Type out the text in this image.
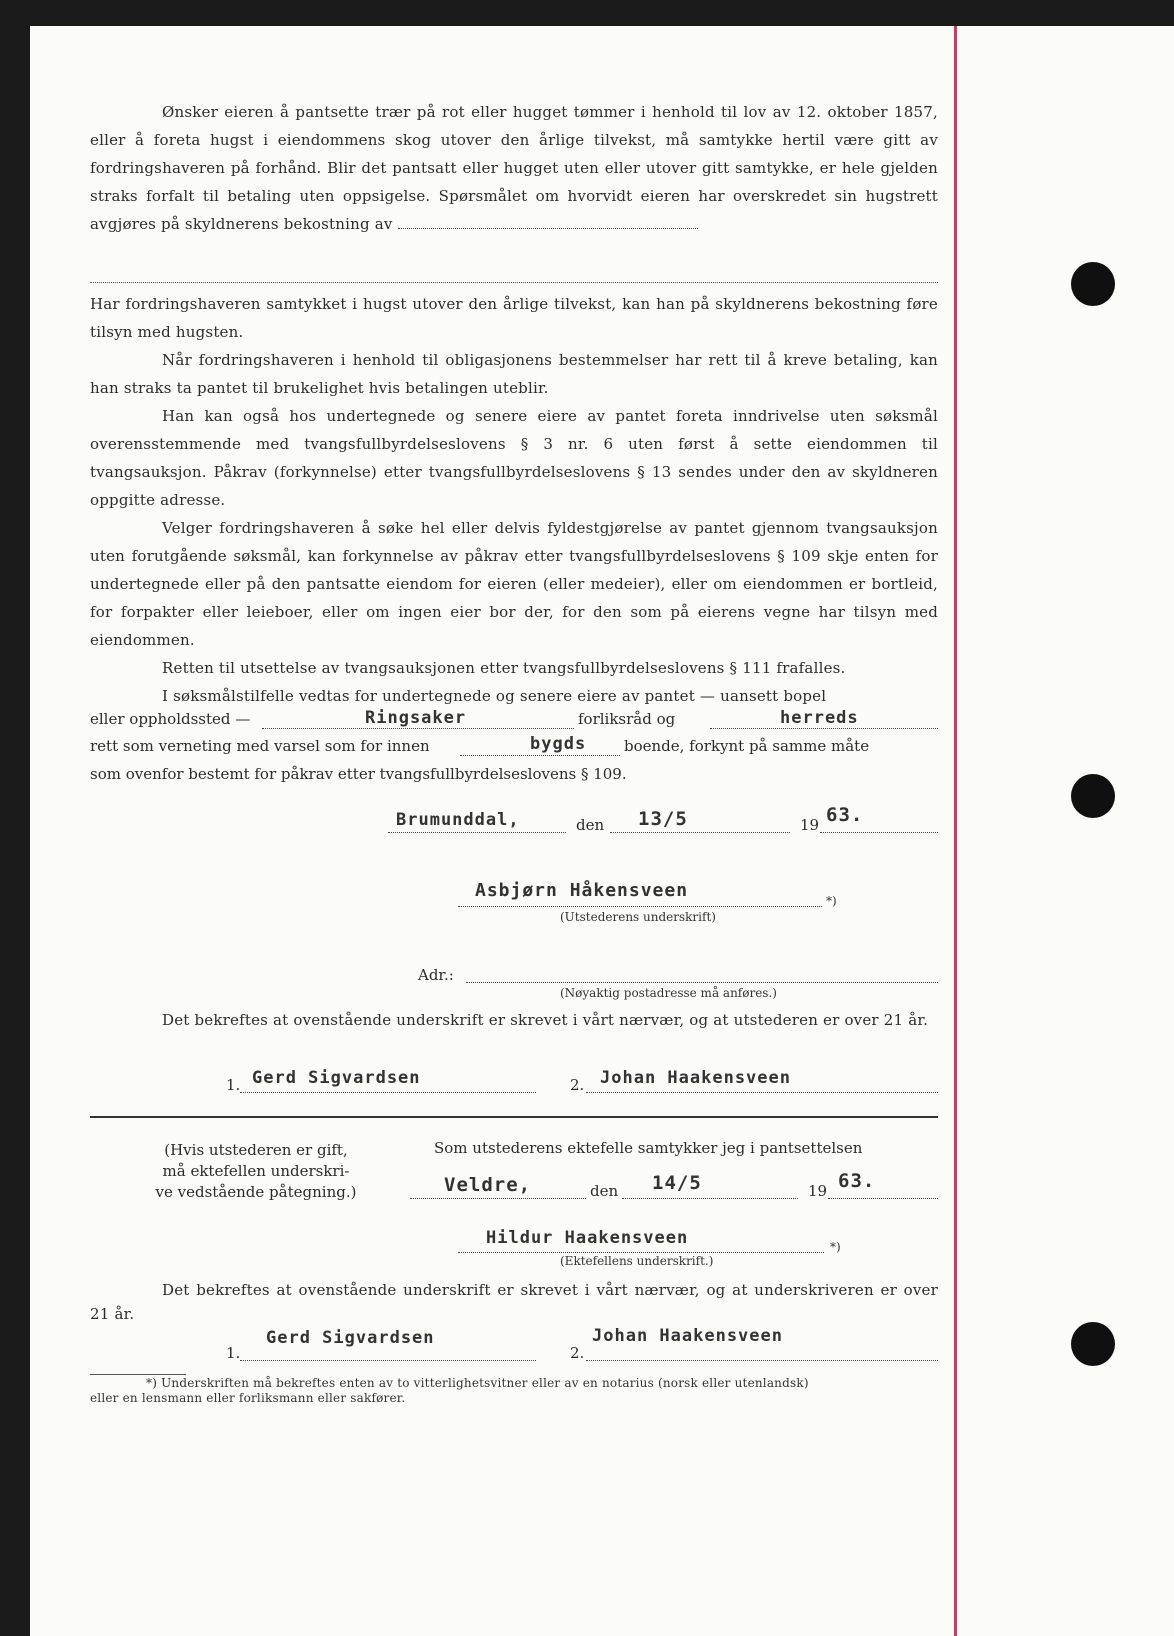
Ønsker eieren å pantsette trær på rot eller hugget tømmer i henhold til lov av 12. oktober 1857, eller å foreta hugst i eiendommens skog utover den årlige tilvekst, må samtykke hertil være gitt av fordringshaveren på forhånd. Blir det pantsatt eller hugget uten eller utover gitt samtykke, er hele gjelden straks forfalt til betaling uten oppsigelse. Spørsmålet om hvorvidt eieren har overskredet sin hugstrett avgjøres på skyldnerens bekostning av

Har fordringshaveren samtykket i hugst utover den årlige tilvekst, kan han på skyldnerens bekostning føre tilsyn med hugsten.

Når fordringshaveren i henhold til obligasjonens bestemmelser har rett til å kreve betaling, kan han straks ta pantet til brukelighet hvis betalingen uteblir.

Han kan også hos undertegnede og senere eiere av pantet foreta inndrivelse uten søksmål overensstemmende med tvangsfullbyrdelseslovens § 3 nr. 6 uten først å sette eiendommen til tvangsauksjon. Påkrav (forkynnelse) etter tvangsfullbyrdelseslovens § 13 sendes under den av skyldneren oppgitte adresse.

Velger fordringshaveren å søke hel eller delvis fyldestgjørelse av pantet gjennom tvangsauksjon uten forutgående søksmål, kan forkynnelse av påkrav etter tvangsfullbyrdelseslovens § 109 skje enten for undertegnede eller på den pantsatte eiendom for eieren (eller medeier), eller om eiendommen er bortleid, for forpakter eller leieboer, eller om ingen eier bor der, for den som på eierens vegne har tilsyn med eiendommen.

Retten til utsettelse av tvangsauksjonen etter tvangsfullbyrdelseslovens § 111 frafalles.

I søksmålstilfelle vedtas for undertegnede og senere eiere av pantet — uansett bopel

eller oppholdssted —	Ringsaker	forliksråd og	herreds
rett som verneting med varsel som for innen	bygds	boende, forkynt på samme måte
som ovenfor bestemt for påkrav etter tvangsfullbyrdelseslovens § 109.
Brumunddal,	den 13/5	19 63.
Asbjørn Håkensveen	*)
(Utstederens underskrift)
Adr.:
(Nøyaktig postadresse må anføres.)

Det bekreftes at ovenstående underskrift er skrevet i vårt nærvær, og at utstederen er over 21 år.

1. Gerd Sigvardsen	2. Johan Haakensveen
(Hvis utstederen er gift,
må ektefellen underskri-
ve vedstående påtegning.)
Som utstederens ektefelle samtykker jeg i pantsettelsen
Veldre,	den 14/5	19 63.
Hildur Haakensveen	*)
(Ektefellens underskrift.)

Det bekreftes at ovenstående underskrift er skrevet i vårt nærvær, og at underskriveren er over 21 år.

1.
Gerd Sigvardsen
2.
Johan Haakensveen
*) Underskriften må bekreftes enten av to vitterlighetsvitner eller av en notarius (norsk eller utenlandsk)
eller en lensmann eller forliksmann eller sakfører.
